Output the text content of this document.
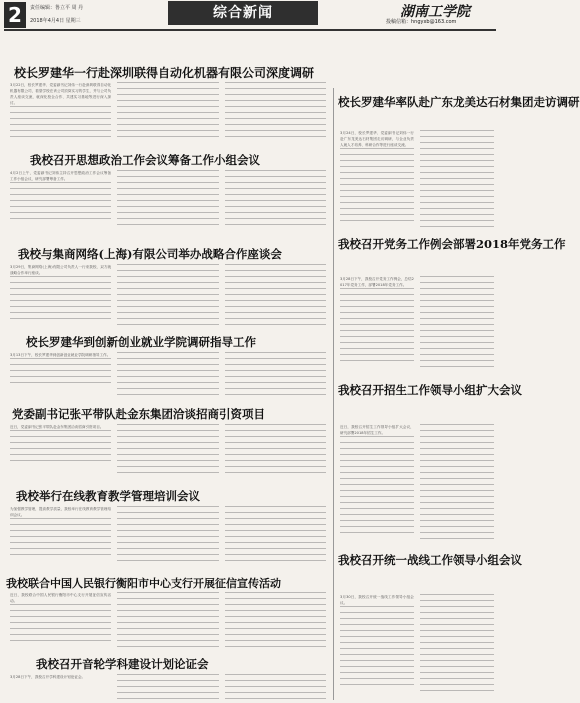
2	责任编辑：鲁立平 周 丹
2018年4月4日 星期三	综合新闻	湖南工学院
投稿信箱：hngyxb@163.com
校长罗建华一行赴深圳联得自动化机器有限公司深度调研

3月22日，校长罗建华、党委副书记刘伟一行赴深圳联得自动化机器有限公司，看望学校在该公司顶岗实习的学生，并与公司负责人座谈交流，就深化校企合作、共建实习基地等进行深入探讨。	校长罗建华率队赴广东龙美达石材集团走访调研

3月24日，校长罗建华、党委副书记刘伟一行赴广东龙美达石材集团走访调研，与企业负责人就人才培养、科研合作等进行座谈交流。

我校召开思想政治工作会议筹备工作小组会议

4月2日上午，党委副书记刘伟主持召开思想政治工作会议筹备工作小组会议，研究部署筹备工作。

我校召开党务工作例会部署2018年党务工作

3月28日下午，我校召开党务工作例会，总结2017年党务工作，部署2018年党务工作。

我校与集商网络(上海)有限公司举办战略合作座谈会

3月29日，集商网络(上海)有限公司负责人一行来我校，双方就战略合作举行座谈。

我校召开招生工作领导小组扩大会议

近日，我校召开招生工作领导小组扩大会议，研究部署2018年招生工作。

校长罗建华到创新创业就业学院调研指导工作

3月13日下午，校长罗建华到创新创业就业学院调研指导工作。

党委副书记张平带队赴金东集团洽谈招商引资项目

近日，党委副书记张平带队赴金东集团洽谈招商引资项目。

我校召开统一战线工作领导小组会议

3月30日，我校召开统一战线工作领导小组会议。

我校举行在线教育教学管理培训会议

为加强教学管理，提高教学质量，我校举行在线教育教学管理培训会议。

我校联合中国人民银行衡阳市中心支行开展征信宣传活动

近日，我校联合中国人民银行衡阳市中心支行开展征信宣传活动。

我校召开音轮学科建设计划论证会

3月28日下午，我校召开学科建设计划论证会。
